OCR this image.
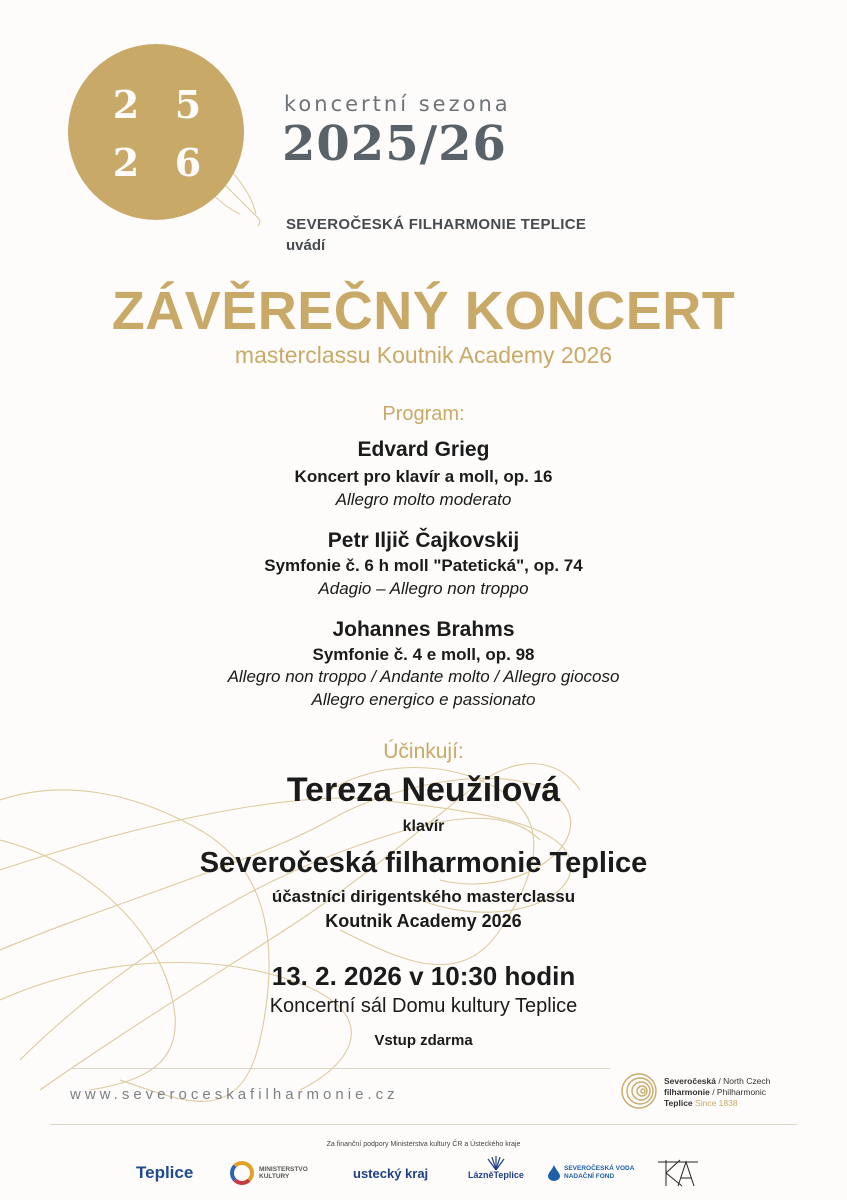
2 5
2 6
koncertní sezona
2025/26
SEVEROČESKÁ FILHARMONIE TEPLICE
uvádí
ZÁVĚREČNÝ KONCERT
masterclassu Koutnik Academy 2026
Program:
Edvard Grieg
Koncert pro klavír a moll, op. 16
Allegro molto moderato
Petr Iljič Čajkovskij
Symfonie č. 6 h moll "Patetická", op. 74
Adagio – Allegro non troppo
Johannes Brahms
Symfonie č. 4 e moll, op. 98
Allegro non troppo / Andante molto / Allegro giocoso
Allegro energico e passionato
Účinkují:
Tereza Neužilová
klavír
Severočeská filharmonie Teplice
účastníci dirigentského masterclassu
Koutnik Academy 2026
13. 2. 2026 v 10:30 hodin
Koncertní sál Domu kultury Teplice
Vstup zdarma
www.severoceskafilharmonie.cz
Severočeská / North Czech
filharmonie / Philharmonic
Teplice Since 1838
Za finanční podpory Ministerstva kultury ČR a Ústeckého kraje
Teplice	MINISTERSTVO
KULTURY	ustecký kraj	LázněTeplice
SEVEROČESKÁ VODA
NADAČNÍ FOND
